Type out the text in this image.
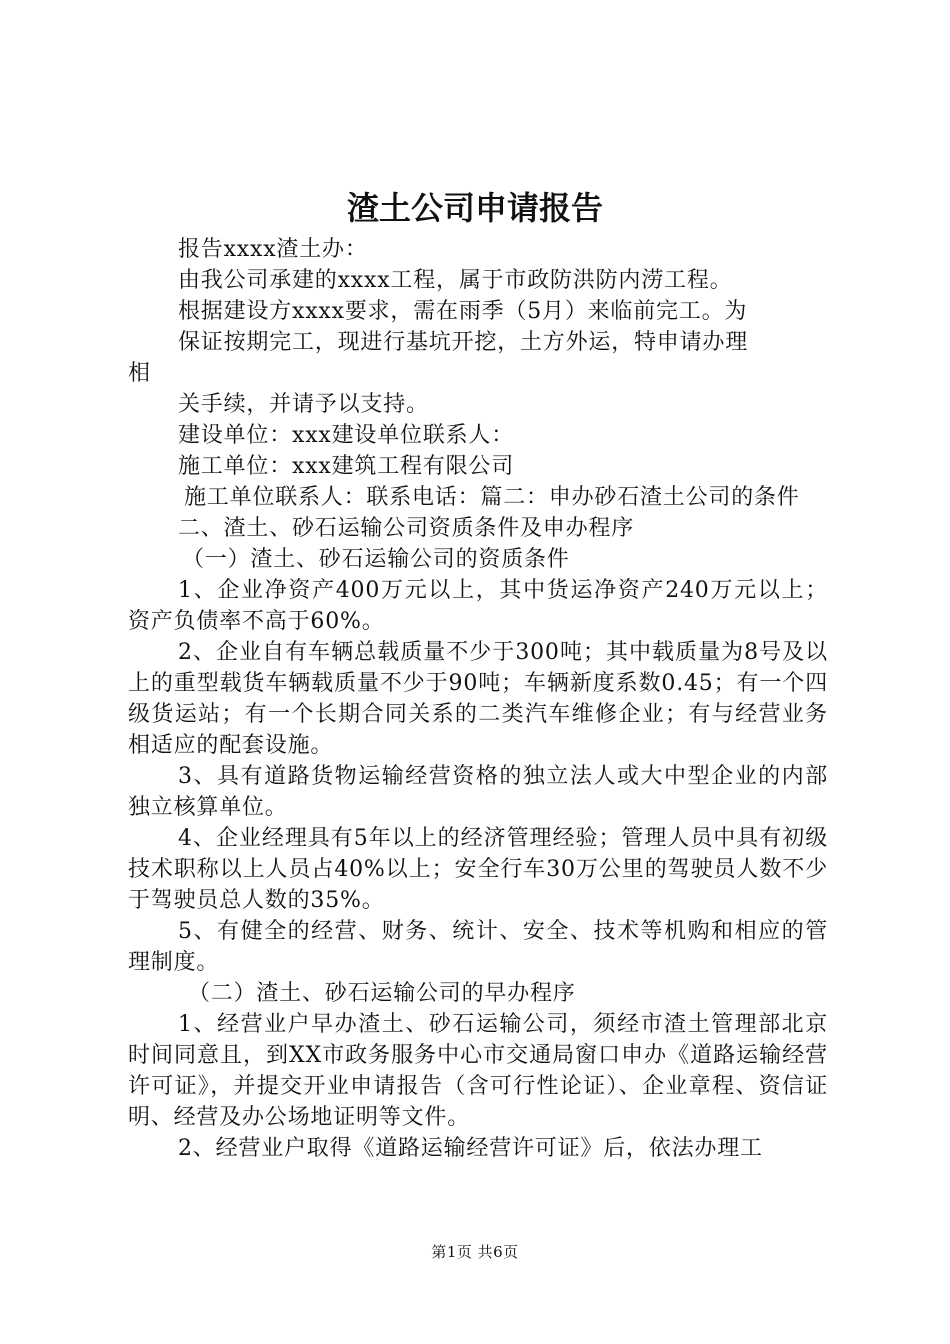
渣土公司申请报告

报告xxxx渣土办：

由我公司承建的xxxx工程，属于市政防洪防内涝工程。

根据建设方xxxx要求，需在雨季（5月）来临前完工。为

保证按期完工，现进行基坑开挖，土方外运，特申请办理

相

关手续，并请予以支持。

建设单位：xxx建设单位联系人：

施工单位：xxx建筑工程有限公司

施工单位联系人：联系电话：篇二：申办砂石渣土公司的条件

二、渣土、砂石运输公司资质条件及申办程序

（一）渣土、砂石运输公司的资质条件

1、企业净资产400万元以上，其中货运净资产240万元以上；资产负债率不高于60%。

2、企业自有车辆总载质量不少于300吨；其中载质量为8号及以上的重型载货车辆载质量不少于90吨；车辆新度系数0.45；有一个四级货运站；有一个长期合同关系的二类汽车维修企业；有与经营业务相适应的配套设施。

3、具有道路货物运输经营资格的独立法人或大中型企业的内部独立核算单位。

4、企业经理具有5年以上的经济管理经验；管理人员中具有初级技术职称以上人员占40%以上；安全行车30万公里的驾驶员人数不少于驾驶员总人数的35%。

5、有健全的经营、财务、统计、安全、技术等机购和相应的管理制度。

（二）渣土、砂石运输公司的早办程序

1、经营业户早办渣土、砂石运输公司，须经市渣土管理部北京时间同意且，到XX市政务服务中心市交通局窗口申办《道路运输经营许可证》，并提交开业申请报告（含可行性论证）、企业章程、资信证明、经营及办公场地证明等文件。

2、经营业户取得《道路运输经营许可证》后，依法办理工

第1页 共6页
